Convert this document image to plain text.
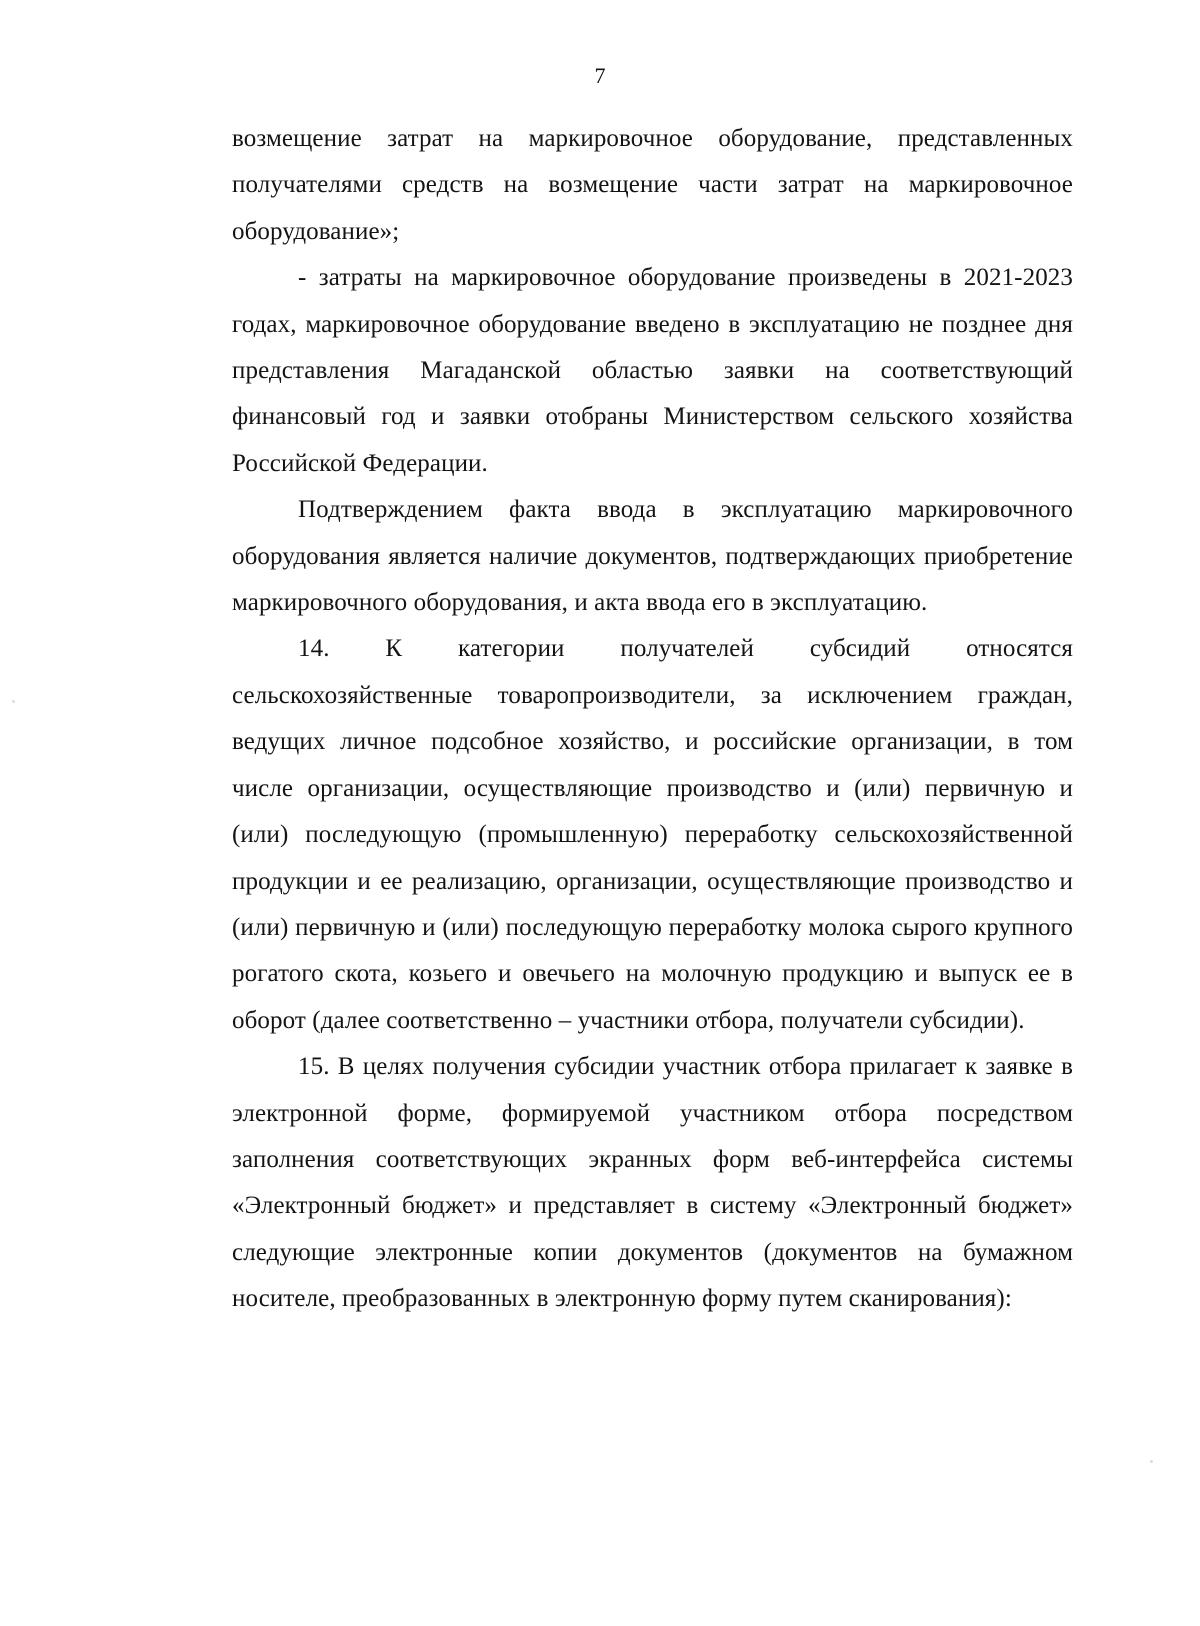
7

возмещение затрат на маркировочное оборудование, представленных получателями средств на возмещение части затрат на маркировочное оборудование»;

- затраты на маркировочное оборудование произведены в 2021-2023 годах, маркировочное оборудование введено в эксплуатацию не позднее дня представления Магаданской областью заявки на соответствующий финансовый год и заявки отобраны Министерством сельского хозяйства Российской Федерации.

Подтверждением факта ввода в эксплуатацию маркировочного оборудования является наличие документов, подтверждающих приобретение маркировочного оборудования, и акта ввода его в эксплуатацию.

14. К категории получателей субсидий относятся
сельскохозяйственные товаропроизводители, за исключением граждан, ведущих личное подсобное хозяйство, и российские организации, в том числе организации, осуществляющие производство и (или) первичную и (или) последующую (промышленную) переработку сельскохозяйственной продукции и ее реализацию, организации, осуществляющие производство и (или) первичную и (или) последующую переработку молока сырого крупного рогатого скота, козьего и овечьего на молочную продукцию и выпуск ее в оборот (далее соответственно – участники отбора, получатели субсидии).

15. В целях получения субсидии участник отбора прилагает к заявке в электронной форме, формируемой участником отбора посредством заполнения соответствующих экранных форм веб-интерфейса системы «Электронный бюджет» и представляет в систему «Электронный бюджет» следующие электронные копии документов (документов на бумажном носителе, преобразованных в электронную форму путем сканирования):
